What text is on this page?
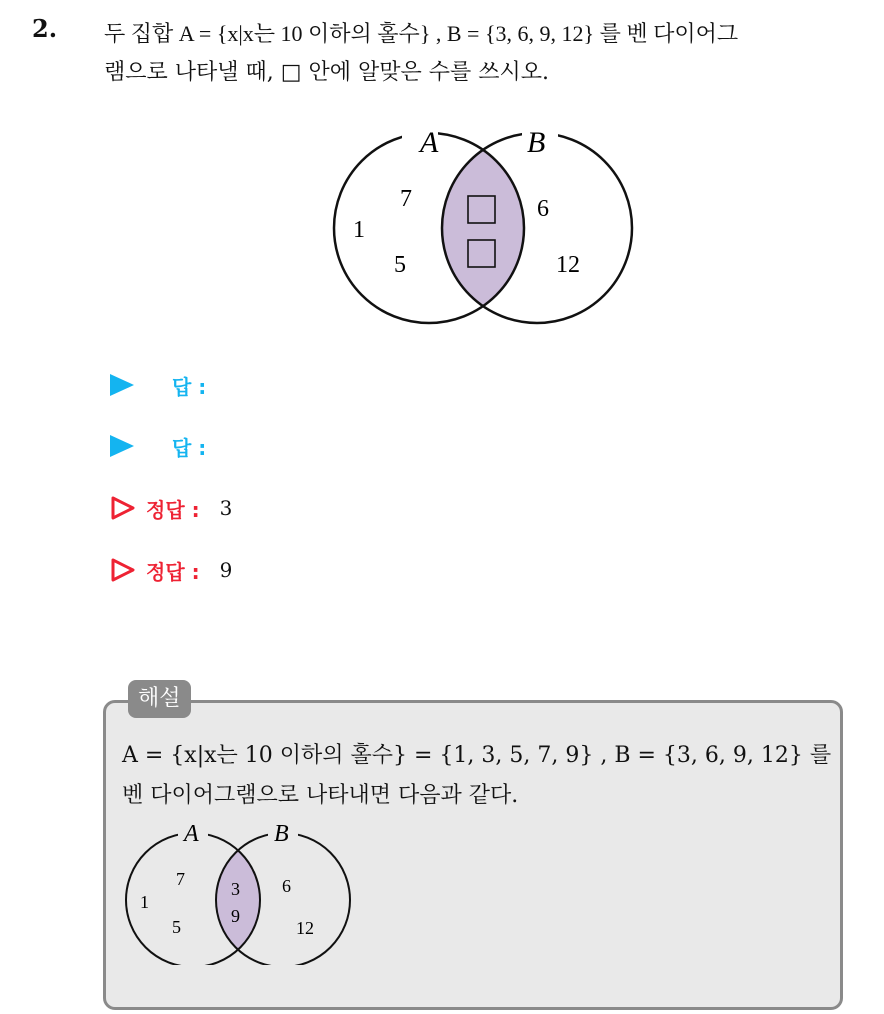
2. 두 집합 A = {x|x는 10 이하의 홀수} , B = {3, 6, 9, 12} 를 벤 다이어그
램으로 나타낼 때, □ 안에 알맞은 수를 쓰시오.
A	B
7
1
5
6
12
답 :
답 :
정답 : 3
정답 : 9
해설
A = {x|x는 10 이하의 홀수} = {1, 3, 5, 7, 9} , B = {3, 6, 9, 12} 를
벤 다이어그램으로 나타내면 다음과 같다.
A	B
7
1
5
3
9
6
12
